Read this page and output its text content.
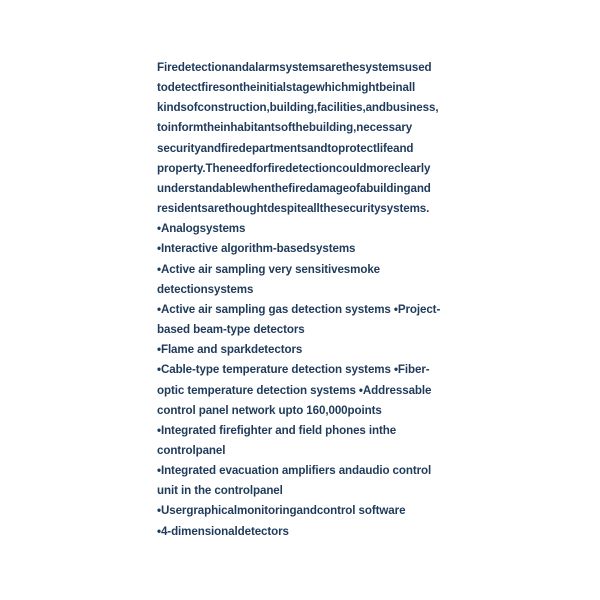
Firedetectionandalarmsystemsarethesystemsused

todetectfiresontheinitialstagewhichmightbeinall

kindsofconstruction,building,facilities,andbusiness,

toinformtheinhabitantsofthebuilding,necessary

securityandfiredepartmentsandtoprotectlifeand

property.Theneedforfiredetectioncouldmoreclearly

understandablewhenthefiredamageofabuildingand

residentsarethoughtdespiteallthesecuritysystems.

•Analogsystems

•Interactive algorithm-basedsystems

•Active air sampling very sensitivesmoke

detectionsystems

•Active air sampling gas detection systems •Project-

based beam-type detectors

•Flame and sparkdetectors

•Cable-type temperature detection systems •Fiber-

optic temperature detection systems •Addressable

control panel network upto 160,000points

•Integrated firefighter and field phones inthe

controlpanel

•Integrated evacuation amplifiers andaudio control

unit in the controlpanel

•Usergraphicalmonitoringandcontrol software

•4-dimensionaldetectors
